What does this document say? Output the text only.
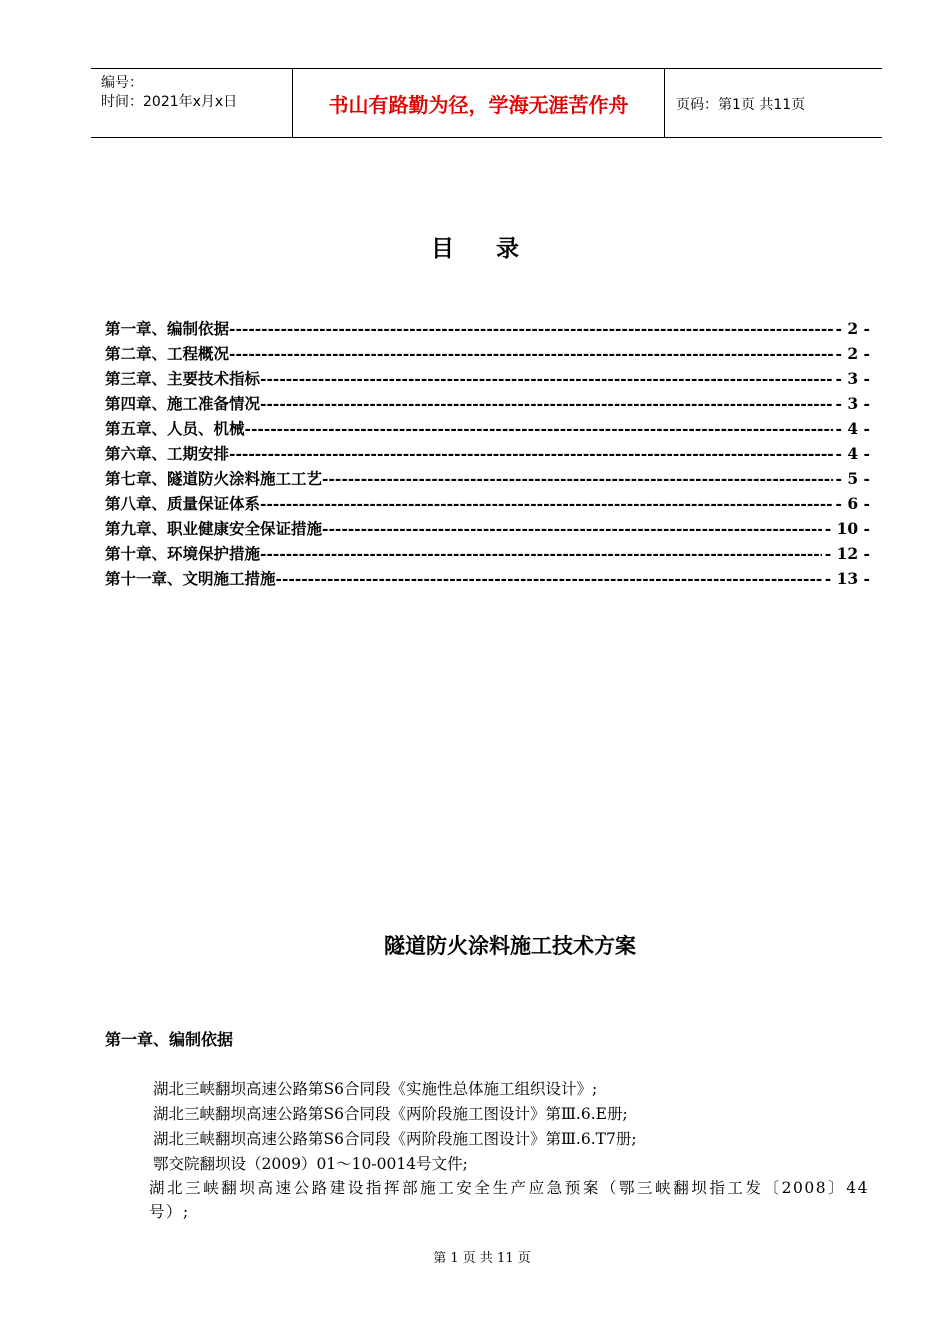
编号：
时间：2021年x月x日	书山有路勤为径，学海无涯苦作舟	页码：第1页 共11页
目录
第一章、编制依据 -----	- 2 -
第二章、工程概况 -----	- 2 -
第三章、主要技术指标 -----	- 3 -
第四章、施工准备情况 -----	- 3 -
第五章、人员、机械 -----	- 4 -
第六章、工期安排 -----	- 4 -
第七章、隧道防火涂料施工工艺 -----	- 5 -
第八章、质量保证体系 -----	- 6 -
第九章、职业健康安全保证措施 -----	- 10 -
第十章、环境保护措施 -----	- 12 -
第十一章、文明施工措施 -----	- 13 -
隧道防火涂料施工技术方案
第一章、编制依据
湖北三峡翻坝高速公路第S6合同段《实施性总体施工组织设计》;
湖北三峡翻坝高速公路第S6合同段《两阶段施工图设计》第Ⅲ.6.E册;
湖北三峡翻坝高速公路第S6合同段《两阶段施工图设计》第Ⅲ.6.T7册;
鄂交院翻坝设（2009）01～10-0014号文件;
湖北三峡翻坝高速公路建设指挥部施工安全生产应急预案（鄂三峡翻坝指工发〔2008〕44号）;
第 1 页 共 11 页
